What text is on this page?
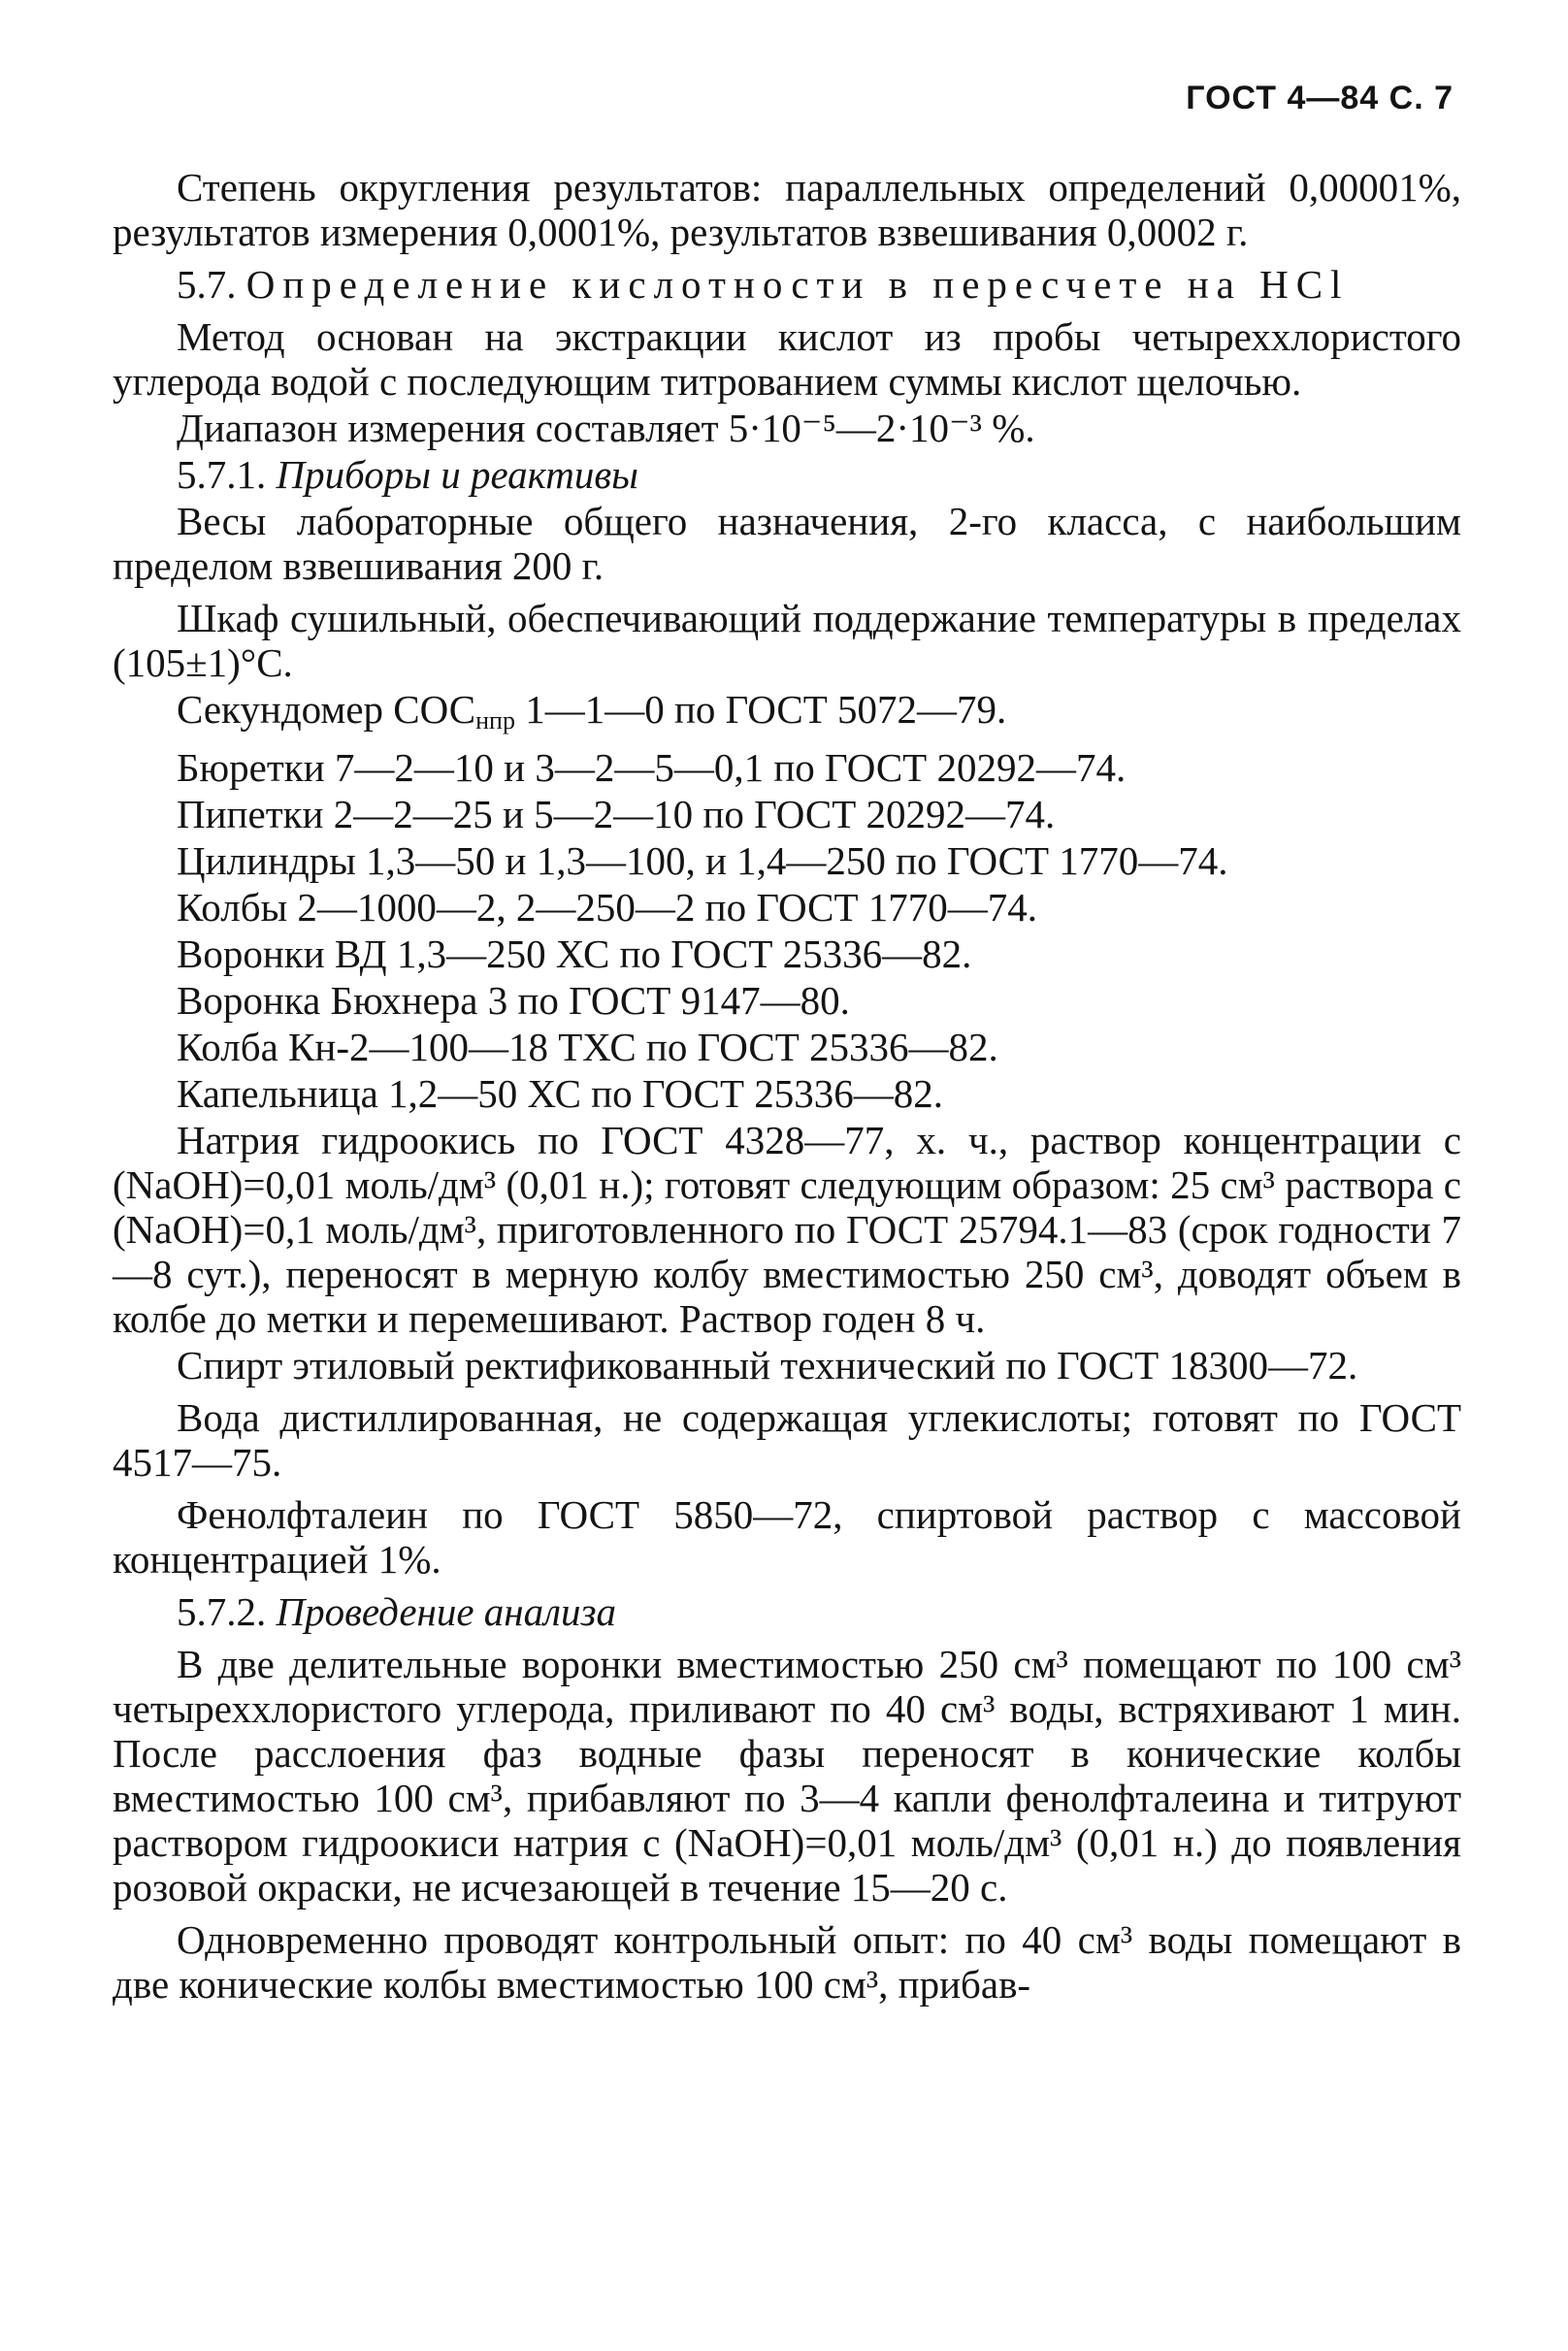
ГОСТ 4—84 С. 7

Степень округления результатов: параллельных определений 0,00001%, результатов измерения 0,0001%, результатов взвешивания 0,0002 г.

5.7. Определение кислотности в пересчете на HCl

Метод основан на экстракции кислот из пробы четыреххлористого углерода водой с последующим титрованием суммы кислот щелочью.

Диапазон измерения составляет 5·10⁻⁵—2·10⁻³ %.

5.7.1. Приборы и реактивы

Весы лабораторные общего назначения, 2-го класса, с наибольшим пределом взвешивания 200 г.

Шкаф сушильный, обеспечивающий поддержание температуры в пределах (105±1)°С.

Секундомер $СОС_{нпр}$ 1—1—0 по ГОСТ 5072—79.

Бюретки 7—2—10 и 3—2—5—0,1 по ГОСТ 20292—74.

Пипетки 2—2—25 и 5—2—10 по ГОСТ 20292—74.

Цилиндры 1,3—50 и 1,3—100, и 1,4—250 по ГОСТ 1770—74.

Колбы 2—1000—2, 2—250—2 по ГОСТ 1770—74.

Воронки ВД 1,3—250 ХС по ГОСТ 25336—82.

Воронка Бюхнера 3 по ГОСТ 9147—80.

Колба Кн-2—100—18 ТХС по ГОСТ 25336—82.

Капельница 1,2—50 ХС по ГОСТ 25336—82.

Натрия гидроокись по ГОСТ 4328—77, х. ч., раствор концентрации с (NaOH)=0,01 моль/дм³ (0,01 н.); готовят следующим образом: 25 см³ раствора с (NaOH)=0,1 моль/дм³, приготовленного по ГОСТ 25794.1—83 (срок годности 7—8 сут.), переносят в мерную колбу вместимостью 250 см³, доводят объем в колбе до метки и перемешивают. Раствор годен 8 ч.

Спирт этиловый ректификованный технический по ГОСТ 18300—72.

Вода дистиллированная, не содержащая углекислоты; готовят по ГОСТ 4517—75.

Фенолфталеин по ГОСТ 5850—72, спиртовой раствор с массовой концентрацией 1%.

5.7.2. Проведение анализа

В две делительные воронки вместимостью 250 см³ помещают по 100 см³ четыреххлористого углерода, приливают по 40 см³ воды, встряхивают 1 мин. После расслоения фаз водные фазы переносят в конические колбы вместимостью 100 см³, прибавляют по 3—4 капли фенолфталеина и титруют раствором гидроокиси натрия с (NaOH)=0,01 моль/дм³ (0,01 н.) до появления розовой окраски, не исчезающей в течение 15—20 с.

Одновременно проводят контрольный опыт: по 40 см³ воды помещают в две конические колбы вместимостью 100 см³, прибав-
